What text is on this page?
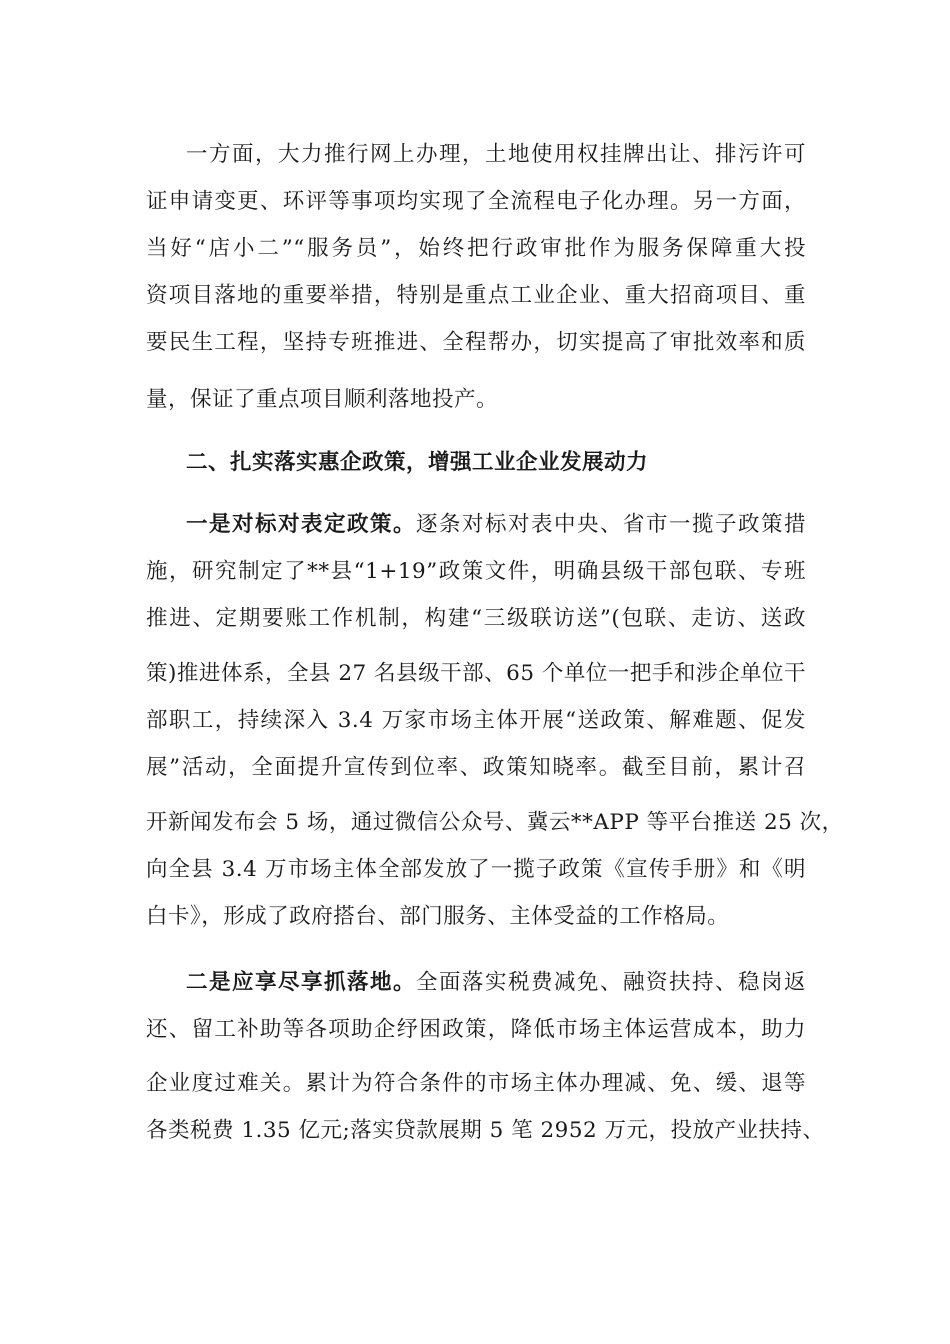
一方面，大力推行网上办理，土地使用权挂牌出让、排污许可
证申请变更、环评等事项均实现了全流程电子化办理。另一方面，
当好“店小二”“服务员”，始终把行政审批作为服务保障重大投
资项目落地的重要举措，特别是重点工业企业、重大招商项目、重
要民生工程，坚持专班推进、全程帮办，切实提高了审批效率和质
量，保证了重点项目顺利落地投产。
二、扎实落实惠企政策，增强工业企业发展动力
一是对标对表定政策。逐条对标对表中央、省市一揽子政策措
施，研究制定了**县“1+19”政策文件，明确县级干部包联、专班
推进、定期要账工作机制，构建“三级联访送”(包联、走访、送政
策)推进体系，全县 27 名县级干部、65 个单位一把手和涉企单位干
部职工，持续深入 3.4 万家市场主体开展“送政策、解难题、促发
展”活动，全面提升宣传到位率、政策知晓率。截至目前，累计召
开新闻发布会 5 场，通过微信公众号、冀云**APP 等平台推送 25 次，
向全县 3.4 万市场主体全部发放了一揽子政策《宣传手册》和《明
白卡》，形成了政府搭台、部门服务、主体受益的工作格局。
二是应享尽享抓落地。全面落实税费减免、融资扶持、稳岗返
还、留工补助等各项助企纾困政策，降低市场主体运营成本，助力
企业度过难关。累计为符合条件的市场主体办理减、免、缓、退等
各类税费 1.35 亿元;落实贷款展期 5 笔 2952 万元，投放产业扶持、
